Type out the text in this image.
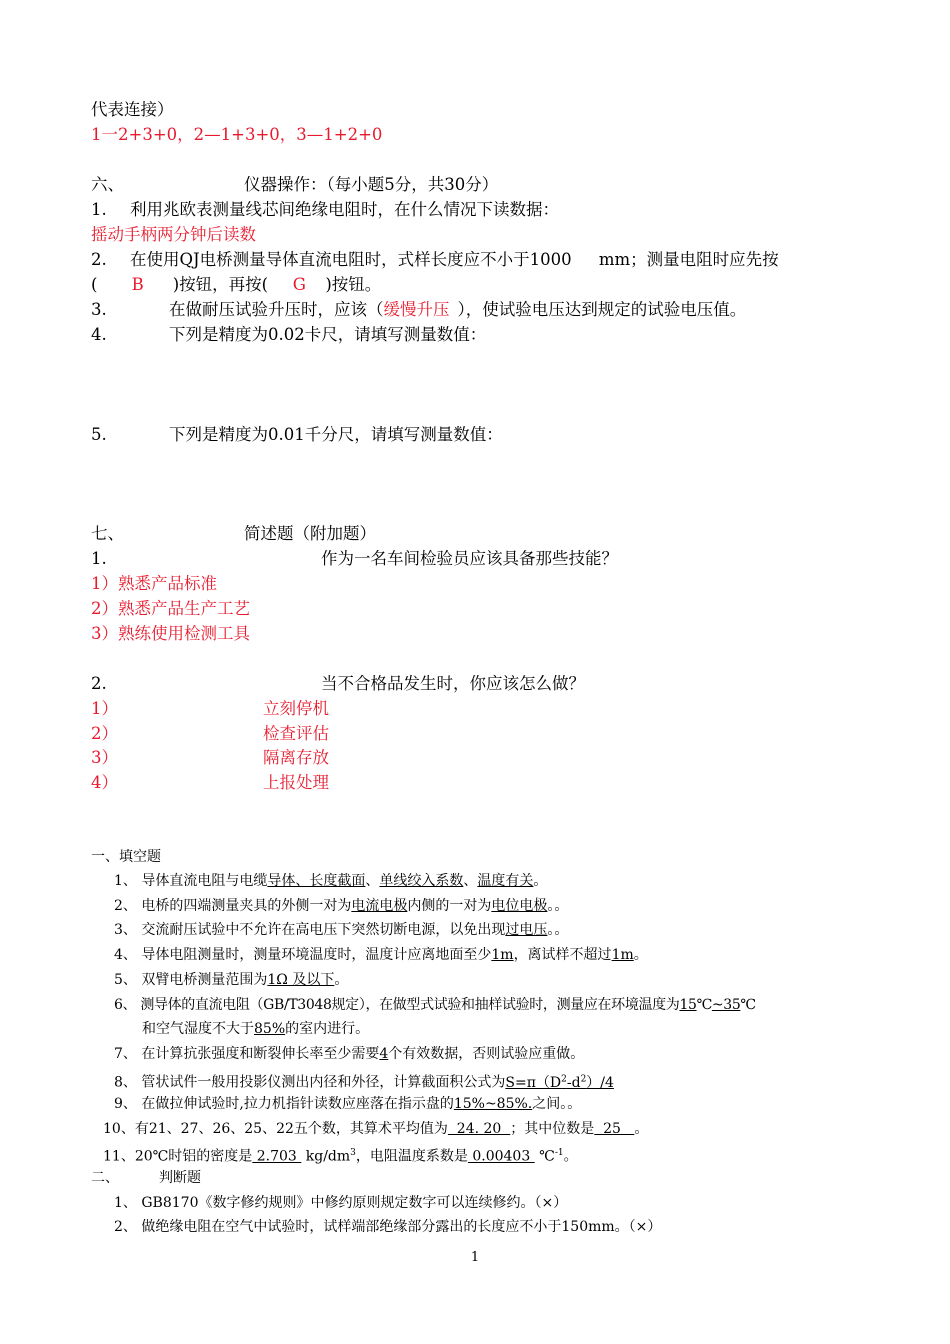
代表连接）
1一2+3+0，2—1+3+0，3—1+2+0
六、	仪器操作：（每小题5分，共30分）
1. 利用兆欧表测量线芯间绝缘电阻时，在什么情况下读数据：
摇动手柄两分钟后读数
2. 在使用QJ电桥测量导体直流电阻时，式样长度应不小于1000 mm；测量电阻时应先按
( B )按钮，再按( G )按钮。
3.	在做耐压试验升压时，应该（缓慢升压 ），使试验电压达到规定的试验电压值。
4.	下列是精度为0.02卡尺，请填写测量数值：
5.	下列是精度为0.01千分尺，请填写测量数值：
七、	简述题（附加题）
1.	作为一名车间检验员应该具备那些技能？
1）熟悉产品标准
2）熟悉产品生产工艺
3）熟练使用检测工具
2.	当不合格品发生时，你应该怎么做？
1）	立刻停机
2）	检查评估
3）	隔离存放
4）	上报处理
一、填空题
1、 导体直流电阻与电缆导体、长度截面、单线绞入系数、温度有关。
2、 电桥的四端测量夹具的外侧一对为电流电极内侧的一对为电位电极。。
3、 交流耐压试验中不允许在高电压下突然切断电源，以免出现过电压。。
4、 导体电阻测量时，测量环境温度时，温度计应离地面至少1m，离试样不超过1m。
5、 双臂电桥测量范围为1Ω 及以下。
6、 测导体的直流电阻（GB/T3048规定），在做型式试验和抽样试验时，测量应在环境温度为15℃~35℃
和空气湿度不大于85%的室内进行。
7、 在计算抗张强度和断裂伸长率至少需要4个有效数据，否则试验应重做。
8、 管状试件一般用投影仪测出内径和外径，计算截面积公式为$S=\pi(D^2-d^2)/4$
9、 在做拉伸试验时,拉力机指针读数应座落在指示盘的15%~85%.之间。。
10、有21、27、26、25、22五个数，其算术平均值为  24. 20  ；其中位数是  25   。
11、20℃时铝的密度是 2.703  $kg/dm^3$，电阻温度系数是 0.00403  ℃$^{-1}$。
二、	判断题
1、 GB8170《数字修约规则》中修约原则规定数字可以连续修约。（×）
2、 做绝缘电阻在空气中试验时，试样端部绝缘部分露出的长度应不小于150mm。（×）
1
